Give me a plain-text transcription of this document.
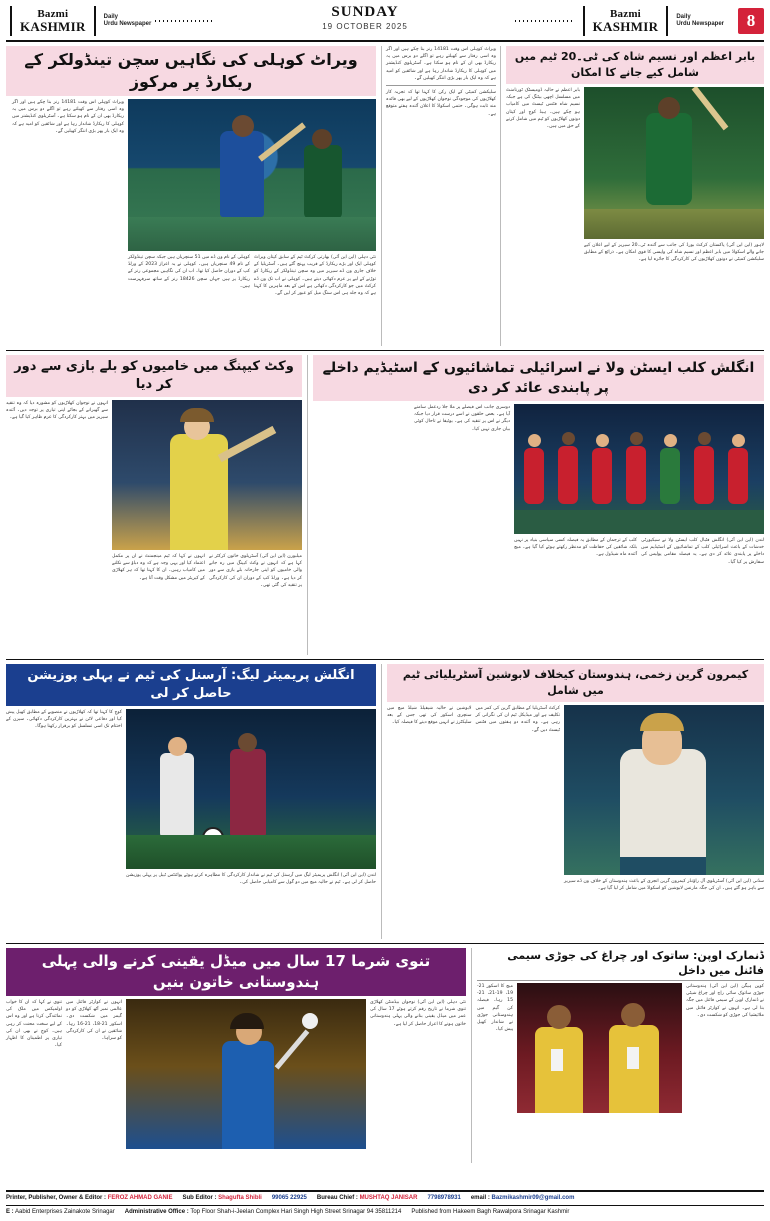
Bazmi
KASHMIR
Daily
Urdu Newspaper
SUNDAY
19 OCTOBER 2025
Bazmi
KASHMIR
Daily
Urdu Newspaper	8
ویراٹ کوہلی کی نگاہیں سچن تینڈولکر کے ریکارڈ پر مرکوز
نئی دہلی (این این آئی) بھارتی کرکٹ ٹیم کے سابق کپتان ویراٹ کوہلی ایک اور بڑے ریکارڈ کے قریب پہنچ گئے ہیں۔ آسٹریلیا کے خلاف جاری ون ڈے سیریز میں وہ سچن تینڈولکر کے ریکارڈ کو توڑنے کے لیے پر عزم دکھائی دیتے ہیں۔ کوہلی نے اب تک ون ڈے کرکٹ میں جو کارکردگی دکھائی ہے اس کے بعد ماہرین کا کہنا ہے کہ وہ جلد ہی اس سنگ میل کو عبور کر لیں گے۔
کوہلی کے نام ون ڈے میں 51 سنچریاں ہیں جبکہ سچن تینڈولکر کے نام 49 سنچریاں ہیں۔ کوہلی نے یہ اعزاز 2023 کے ورلڈ کپ کے دوران حاصل کیا تھا۔ اب ان کی نگاہیں مجموعی رنز کے ریکارڈ پر ہیں جہاں سچن 18426 رنز کے ساتھ سرفہرست ہیں۔
ویراٹ کوہلی اس وقت 14181 رنز بنا چکے ہیں اور اگر وہ اسی رفتار سے کھیلتے رہے تو اگلے دو برس میں یہ ریکارڈ بھی ان کے نام ہو سکتا ہے۔ آسٹریلوی کنڈیشنز میں کوہلی کا ریکارڈ شاندار رہا ہے اور شائقین کو امید ہے کہ وہ ایک بار پھر بڑی اننگز کھیلیں گے۔
ویراٹ کوہلی اس وقت 14181 رنز بنا چکے ہیں اور اگر وہ اسی رفتار سے کھیلتے رہے تو اگلے دو برس میں یہ ریکارڈ بھی ان کے نام ہو سکتا ہے۔ آسٹریلوی کنڈیشنز میں کوہلی کا ریکارڈ شاندار رہا ہے اور شائقین کو امید ہے کہ وہ ایک بار پھر بڑی اننگز کھیلیں گے۔
سلیکشن کمیٹی کے ایک رکن کا کہنا تھا کہ تجربہ کار کھلاڑیوں کی موجودگی نوجوان کھلاڑیوں کے لیے بھی فائدہ مند ثابت ہوگی۔ حتمی اسکواڈ کا اعلان آئندہ ہفتے متوقع ہے۔
بابر اعظم اور نسیم شاہ کی ٹی۔20 ٹیم میں شامل کیے جانے کا امکان
لاہور (این این آئی) پاکستان کرکٹ بورڈ کی جانب سے آئندہ ٹی۔20 سیریز کے لیے اعلان کیے جانے والے اسکواڈ میں بابر اعظم اور نسیم شاہ کی واپسی کا قوی امکان ہے۔ ذرائع کے مطابق سلیکشن کمیٹی نے دونوں کھلاڑیوں کی کارکردگی کا جائزہ لیا ہے۔
بابر اعظم نے حالیہ ڈومیسٹک ٹورنامنٹ میں مسلسل اچھی بیٹنگ کی ہے جبکہ نسیم شاہ فٹنس ٹیسٹ میں کامیاب ہو چکے ہیں۔ ہیڈ کوچ اور کپتان دونوں کھلاڑیوں کو ٹیم میں شامل کرنے کے حق میں ہیں۔
وکٹ کیپنگ میں خامیوں کو بلے بازی سے دور کر دیا
میلبورن (این این آئی) آسٹریلوی خاتون کرکٹر نے کہا ہے کہ انہوں نے وکٹ کیپنگ میں رہ جانے والی خامیوں کو اپنی جارحانہ بلے بازی سے دور کر دیا ہے۔ ورلڈ کپ کے دوران ان کی کارکردگی پر تنقید کی گئی تھی۔
انہوں نے کہا کہ ٹیم مینجمنٹ نے ان پر مکمل اعتماد کیا اور یہی وجہ ہے کہ وہ دباؤ سے نکلنے میں کامیاب رہیں۔ ان کا کہنا تھا کہ ہر کھلاڑی کے کیریئر میں مشکل وقت آتا ہے۔
انہوں نے نوجوان کھلاڑیوں کو مشورہ دیا کہ وہ تنقید سے گھبرانے کے بجائے اپنی تیاری پر توجہ دیں۔ آئندہ سیریز میں بہتر کارکردگی کا عزم ظاہر کیا گیا ہے۔
انگلش کلب ایسٹن ولا نے اسرائیلی تماشائیوں کے اسٹیڈیم داخلے پر پابندی عائد کر دی
لندن (این این آئی) انگلش فٹبال کلب ایسٹن ولا نے سیکیورٹی خدشات کے باعث اسرائیلی کلب کے تماشائیوں کے اسٹیڈیم میں داخلے پر پابندی عائد کر دی ہے۔ یہ فیصلہ مقامی پولیس کی سفارش پر کیا گیا۔
کلب کے ترجمان کے مطابق یہ فیصلہ کسی سیاسی بنیاد پر نہیں بلکہ شائقین کی حفاظت کو مدنظر رکھتے ہوئے کیا گیا ہے۔ میچ آئندہ ماہ شیڈول ہے۔
دوسری جانب اس فیصلے پر ملا جلا ردعمل سامنے آیا ہے۔ بعض حلقوں نے اسے درست قرار دیا جبکہ دیگر نے اس پر تنقید کی ہے۔ یوئیفا نے تاحال کوئی بیان جاری نہیں کیا۔
انگلش پریمیئر لیگ: آرسنل کی ٹیم نے پہلی پوزیشن حاصل کر لی
لندن (این این آئی) انگلش پریمیئر لیگ میں آرسنل کی ٹیم نے شاندار کارکردگی کا مظاہرہ کرتے ہوئے پوائنٹس ٹیبل پر پہلی پوزیشن حاصل کر لی ہے۔ ٹیم نے حالیہ میچ میں دو گول سے کامیابی حاصل کی۔
کوچ کا کہنا تھا کہ کھلاڑیوں نے منصوبے کے مطابق کھیل پیش کیا اور دفاعی لائن نے بہترین کارکردگی دکھائی۔ سیزن کے اختتام تک اسی تسلسل کو برقرار رکھنا ہوگا۔
کیمرون گرین زخمی، ہندوستان کیخلاف لابوشین آسٹریلیائی ٹیم میں شامل
سڈنی (این این آئی) آسٹریلوی آل راؤنڈر کیمرون گرین انجری کے باعث ہندوستان کے خلاف ون ڈے سیریز سے باہر ہو گئے ہیں۔ ان کی جگہ مارنس لابوشین کو اسکواڈ میں شامل کر لیا گیا ہے۔
کرکٹ آسٹریلیا کے مطابق گرین کی کمر میں تکلیف ہے اور میڈیکل ٹیم ان کی نگرانی کر رہی ہے۔ وہ آئندہ دو ہفتوں میں فٹنس ٹیسٹ دیں گے۔
لابوشین نے حالیہ شیفیلڈ شیلڈ میچ میں سنچری اسکور کی تھی جس کے بعد سلیکٹرز نے انہیں موقع دینے کا فیصلہ کیا۔
تنوی شرما 17 سال میں میڈل یقینی کرنے والی پہلی ہندوستانی خاتون بنیں
نئی دہلی (این این آئی) نوجوان بیڈمنٹن کھلاڑی تنوی شرما نے تاریخ رقم کرتے ہوئے 17 سال کی عمر میں میڈل یقینی بنانے والی پہلی ہندوستانی خاتون ہونے کا اعزاز حاصل کر لیا ہے۔
انہوں نے کوارٹر فائنل میں عالمی نمبر آٹھ کھلاڑی کو دو گیمز میں شکست دی۔ اسکور 21-18، 21-16 رہا۔ شائقین نے ان کی کارکردگی کو سراہا۔
تنوی نے کہا کہ ان کا خواب اولمپکس میں ملک کی نمائندگی کرنا ہے اور وہ اس کے لیے سخت محنت کر رہی ہیں۔ کوچ نے بھی ان کی تیاری پر اطمینان کا اظہار کیا۔
ڈنمارک اوپن: ساتوک اور چراغ کی جوڑی سیمی فائنل میں داخل
کوپن ہیگن (این این آئی) ہندوستانی جوڑی ساتوک سائی راج اور چراغ شیٹی نے ڈنمارک اوپن کے سیمی فائنل میں جگہ بنا لی ہے۔ انہوں نے کوارٹر فائنل میں ملائیشیا کی جوڑی کو شکست دی۔
میچ کا اسکور 21-19، 19-21، 21-15 رہا۔ فیصلہ کن گیم میں ہندوستانی جوڑی نے شاندار کھیل پیش کیا۔
Printer, Publisher, Owner & Editor : FEROZ AHMAD GANIE Sub Editor : Shagufta Shibli 99065 22925 Bureau Chief : MUSHTAQ JANISAR 7798978931 email : Bazmikashmir09@gmail.com
E : Aabid Enterprises Zainakote Srinagar Administrative Office : Top Floor Shah-i-Jeelan Complex Hari Singh High Street Srinagar 94 35811214 Published from Hakeem Bagh Rawalpora Srinagar Kashmir
